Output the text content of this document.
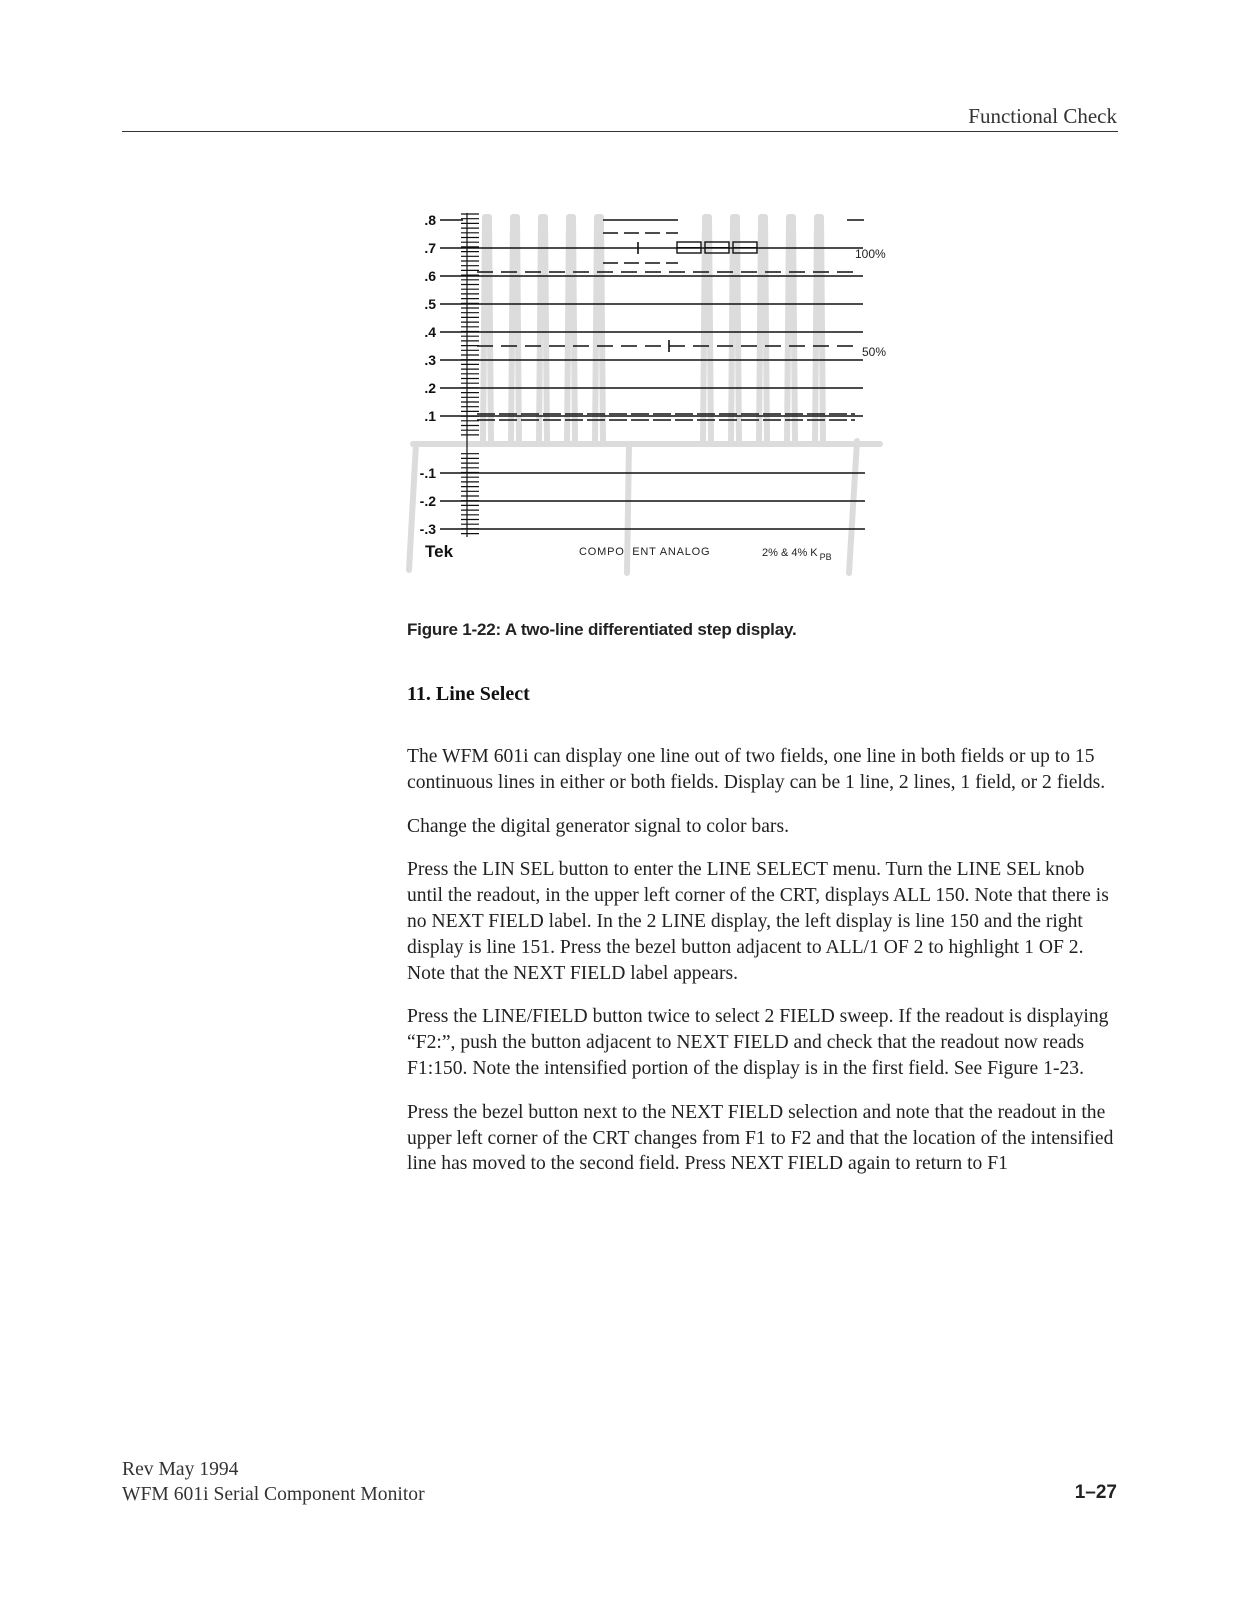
Functional Check
.8
.7
.6
.5
.4
.3
.2
.1
-.1
-.2
-.3
100%
50%
Tek	COMPO  ENT ANALOG	2% & 4% K $_{PB}$
Figure 1-22: A two-line differentiated step display.
11. Line Select

The WFM 601i can display one line out of two fields, one line in both fields or up to 15 continuous lines in either or both fields. Display can be 1 line, 2 lines, 1 field, or 2 fields.

Change the digital generator signal to color bars.

Press the LIN SEL button to enter the LINE SELECT menu. Turn the LINE SEL knob until the readout, in the upper left corner of the CRT, displays ALL 150. Note that there is no NEXT FIELD label. In the 2 LINE display, the left display is line 150 and the right display is line 151. Press the bezel button adjacent to ALL/1 OF 2 to highlight 1 OF 2. Note that the NEXT FIELD label appears.

Press the LINE/FIELD button twice to select 2 FIELD sweep. If the readout is displaying “F2:”, push the button adjacent to NEXT FIELD and check that the readout now reads F1:150. Note the intensified portion of the display is in the first field. See Figure 1-23.

Press the bezel button next to the NEXT FIELD selection and note that the readout in the upper left corner of the CRT changes from F1 to F2 and that the location of the intensified line has moved to the second field. Press NEXT FIELD again to return to F1

Rev May 1994
WFM 601i Serial Component Monitor	1–27
